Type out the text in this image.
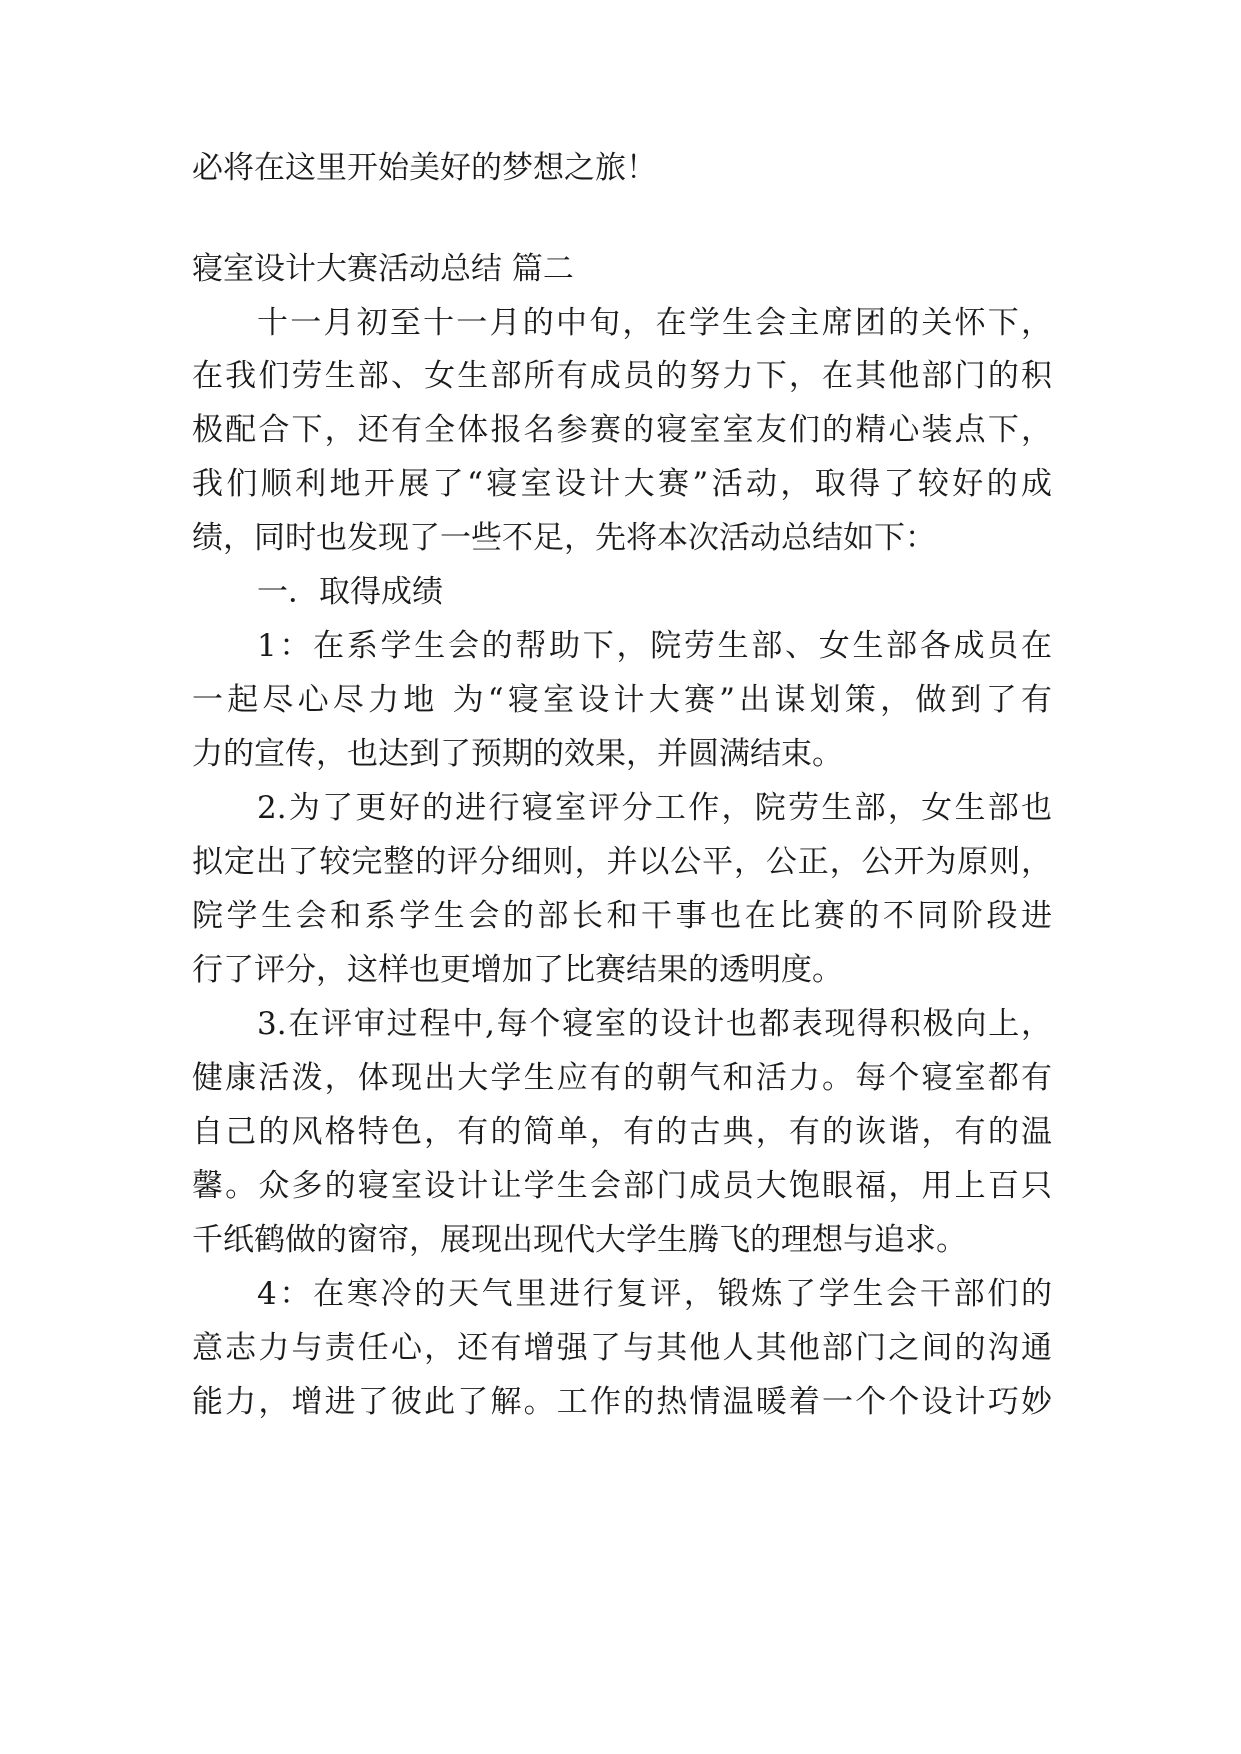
必将在这里开始美好的梦想之旅！
寝室设计大赛活动总结 篇二
十一月初至十一月的中旬，在学生会主席团的关怀下，
在我们劳生部、女生部所有成员的努力下，在其他部门的积
极配合下，还有全体报名参赛的寝室室友们的精心装点下，
我们顺利地开展了“寝室设计大赛”活动，取得了较好的成
绩，同时也发现了一些不足，先将本次活动总结如下：
一．取得成绩
1：在系学生会的帮助下，院劳生部、女生部各成员在
一起尽心尽力地 为“寝室设计大赛”出谋划策，做到了有
力的宣传，也达到了预期的效果，并圆满结束。
2.为了更好的进行寝室评分工作，院劳生部，女生部也
拟定出了较完整的评分细则，并以公平，公正，公开为原则，
院学生会和系学生会的部长和干事也在比赛的不同阶段进
行了评分，这样也更增加了比赛结果的透明度。
3.在评审过程中,每个寝室的设计也都表现得积极向上，
健康活泼，体现出大学生应有的朝气和活力。每个寝室都有
自己的风格特色，有的简单，有的古典，有的诙谐，有的温
馨。众多的寝室设计让学生会部门成员大饱眼福，用上百只
千纸鹤做的窗帘，展现出现代大学生腾飞的理想与追求。
4：在寒冷的天气里进行复评，锻炼了学生会干部们的
意志力与责任心，还有增强了与其他人其他部门之间的沟通
能力，增进了彼此了解。工作的热情温暖着一个个设计巧妙
